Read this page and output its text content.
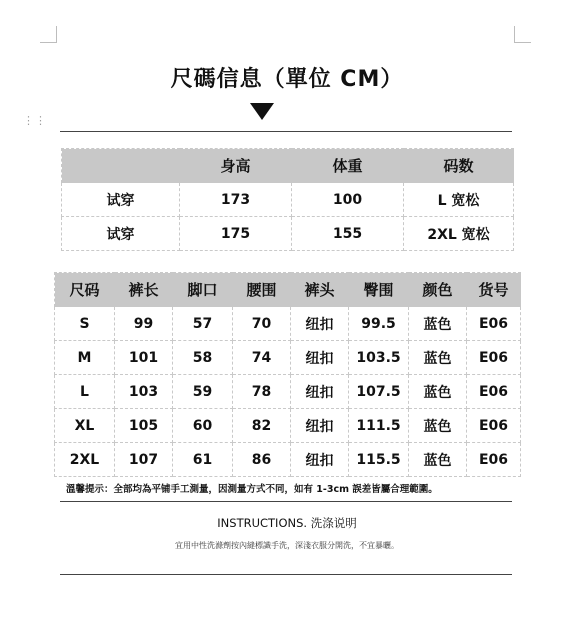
⋮⋮
尺碼信息（單位 CM）
	身高	体重	码数
试穿	173	100	L 宽松
试穿	175	155	2XL 宽松
尺码	裤长	脚口	腰围	裤头	臀围	颜色	货号
S	99	57	70	纽扣	99.5	蓝色	E06
M	101	58	74	纽扣	103.5	蓝色	E06
L	103	59	78	纽扣	107.5	蓝色	E06
XL	105	60	82	纽扣	111.5	蓝色	E06
2XL	107	61	86	纽扣	115.5	蓝色	E06
溫馨提示：全部均為平铺手工測量，因測量方式不同，如有 1-3cm 誤差皆屬合理範圍。
INSTRUCTIONS. 洗涤说明
宜用中性洗滌劑按內縫標識手洗，深淺衣服分開洗，不宜暴曬。
